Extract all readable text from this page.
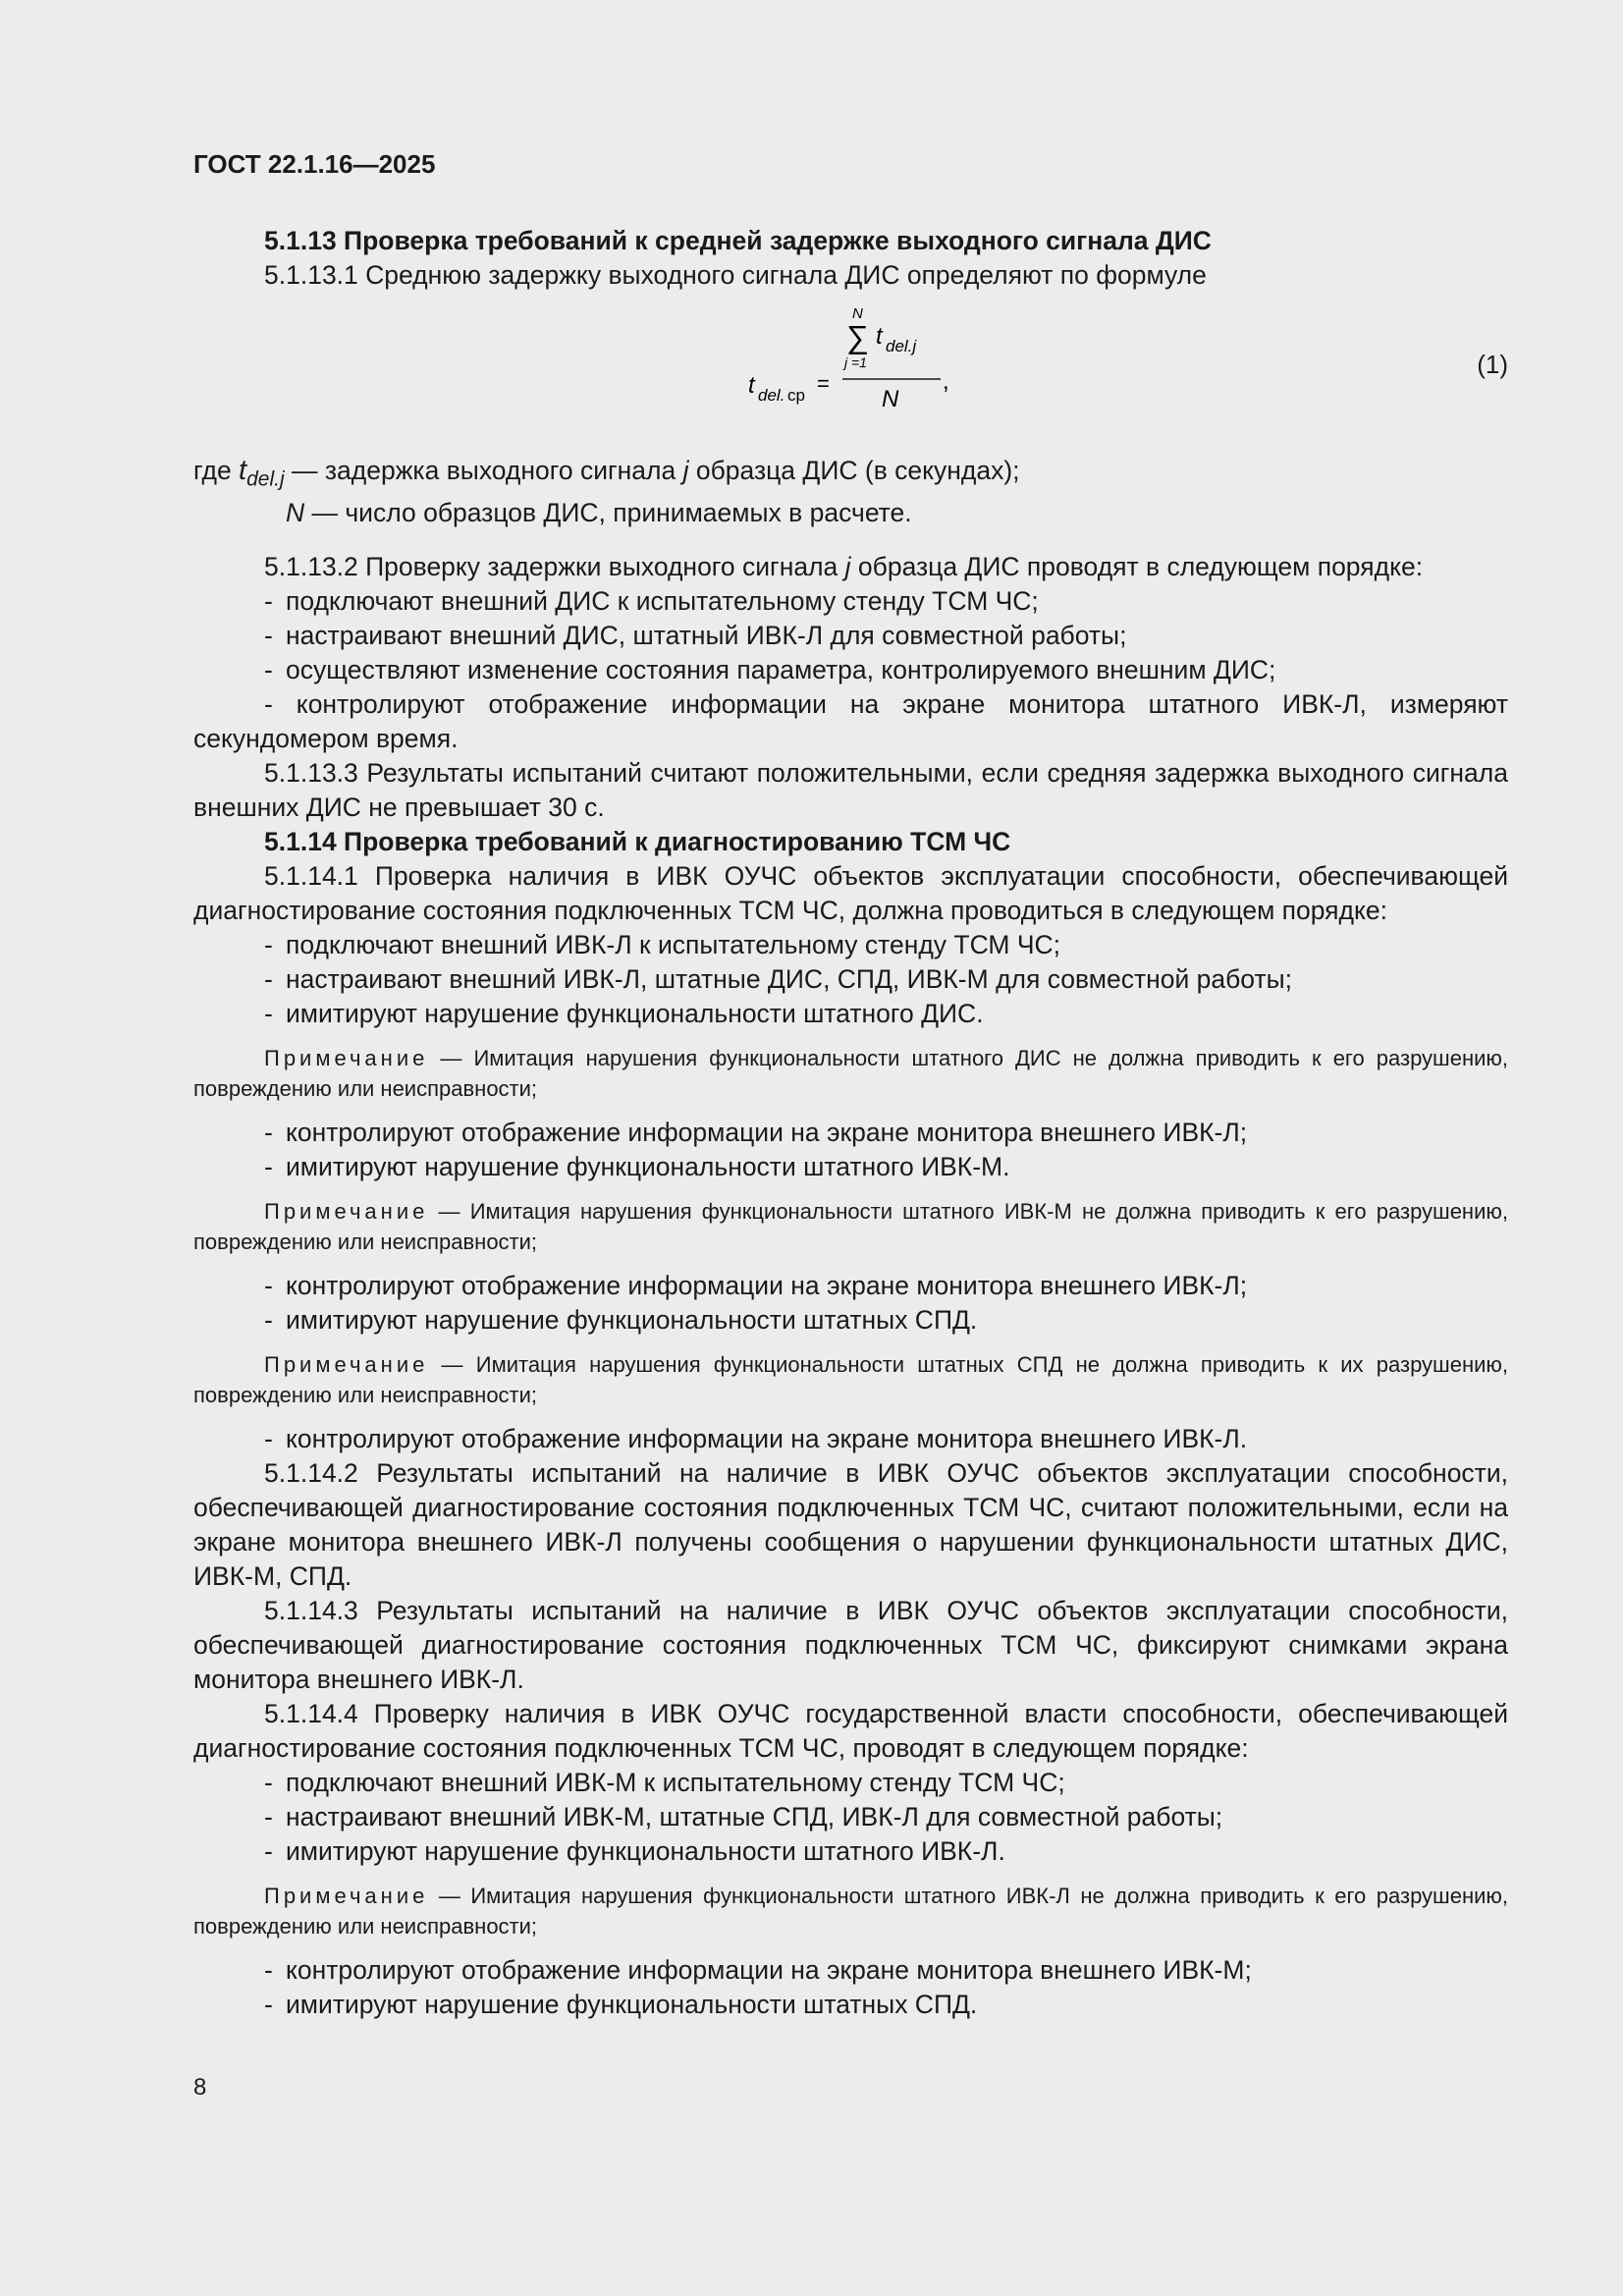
ГОСТ 22.1.16—2025

5.1.13 Проверка требований к средней задержке выходного сигнала ДИС

5.1.13.1 Среднюю задержку выходного сигнала ДИС определяют по формуле

N
∑ t del.j
j =1
N
,
t del. ср =
(1)

где $t_{del.j}$ — задержка выходного сигнала j образца ДИС (в секундах);

N — число образцов ДИС, принимаемых в расчете.

5.1.13.2 Проверку задержки выходного сигнала j образца ДИС проводят в следующем порядке:

- подключают внешний ДИС к испытательному стенду ТСМ ЧС;

- настраивают внешний ДИС, штатный ИВК-Л для совместной работы;

- осуществляют изменение состояния параметра, контролируемого внешним ДИС;

- контролируют отображение информации на экране монитора штатного ИВК-Л, измеряют секундомером время.

5.1.13.3 Результаты испытаний считают положительными, если средняя задержка выходного сигнала внешних ДИС не превышает 30 с.

5.1.14 Проверка требований к диагностированию ТСМ ЧС

5.1.14.1 Проверка наличия в ИВК ОУЧС объектов эксплуатации способности, обеспечивающей диагностирование состояния подключенных ТСМ ЧС, должна проводиться в следующем порядке:

- подключают внешний ИВК-Л к испытательному стенду ТСМ ЧС;

- настраивают внешний ИВК-Л, штатные ДИС, СПД, ИВК-М для совместной работы;

- имитируют нарушение функциональности штатного ДИС.

Примечание — Имитация нарушения функциональности штатного ДИС не должна приводить к его разрушению, повреждению или неисправности;

- контролируют отображение информации на экране монитора внешнего ИВК-Л;

- имитируют нарушение функциональности штатного ИВК-М.

Примечание — Имитация нарушения функциональности штатного ИВК-М не должна приводить к его разрушению, повреждению или неисправности;

- контролируют отображение информации на экране монитора внешнего ИВК-Л;

- имитируют нарушение функциональности штатных СПД.

Примечание — Имитация нарушения функциональности штатных СПД не должна приводить к их разрушению, повреждению или неисправности;

- контролируют отображение информации на экране монитора внешнего ИВК-Л.

5.1.14.2 Результаты испытаний на наличие в ИВК ОУЧС объектов эксплуатации способности, обеспечивающей диагностирование состояния подключенных ТСМ ЧС, считают положительными, если на экране монитора внешнего ИВК-Л получены сообщения о нарушении функциональности штатных ДИС, ИВК-М, СПД.

5.1.14.3 Результаты испытаний на наличие в ИВК ОУЧС объектов эксплуатации способности, обеспечивающей диагностирование состояния подключенных ТСМ ЧС, фиксируют снимками экрана монитора внешнего ИВК-Л.

5.1.14.4 Проверку наличия в ИВК ОУЧС государственной власти способности, обеспечивающей диагностирование состояния подключенных ТСМ ЧС, проводят в следующем порядке:

- подключают внешний ИВК-М к испытательному стенду ТСМ ЧС;

- настраивают внешний ИВК-М, штатные СПД, ИВК-Л для совместной работы;

- имитируют нарушение функциональности штатного ИВК-Л.

Примечание — Имитация нарушения функциональности штатного ИВК-Л не должна приводить к его разрушению, повреждению или неисправности;

- контролируют отображение информации на экране монитора внешнего ИВК-М;

- имитируют нарушение функциональности штатных СПД.

8
